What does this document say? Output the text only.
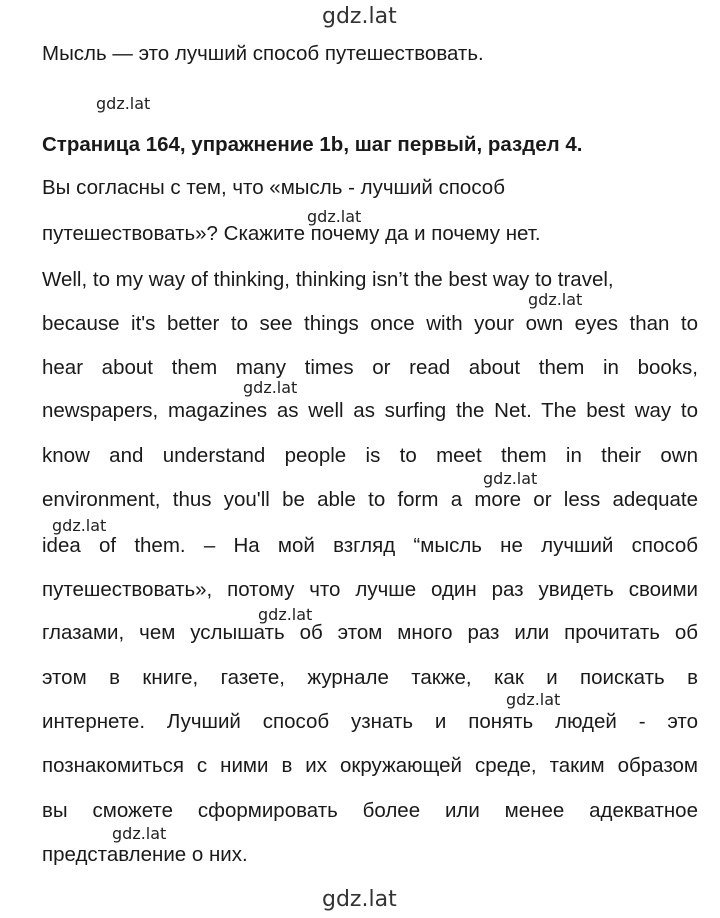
gdz.lat
gdz.lat
gdz.lat
gdz.lat
gdz.lat
gdz.lat
gdz.lat
gdz.lat
gdz.lat
gdz.lat
gdz.lat
Мысль — это лучший способ путешествовать.
Страница 164, упражнение 1b, шаг первый, раздел 4.
Вы согласны с тем, что «мысль - лучший способ
путешествовать»? Скажите почему да и почему нет.
Well, to my way of thinking, thinking isn’t the best way to travel,
because it's better to see things once with your own eyes than to
hear about them many times or read about them in books,
newspapers, magazines as well as surfing the Net. The best way to
know and understand people is to meet them in their own
environment, thus you'll be able to form a more or less adequate
idea of them. – На мой взгляд “мысль не лучший способ
путешествовать», потому что лучше один раз увидеть своими
глазами, чем услышать об этом много раз или прочитать об
этом в книге, газете, журнале также, как и поискать в
интернете. Лучший способ узнать и понять людей - это
познакомиться с ними в их окружающей среде, таким образом
вы сможете сформировать более или менее адекватное
представление о них.
